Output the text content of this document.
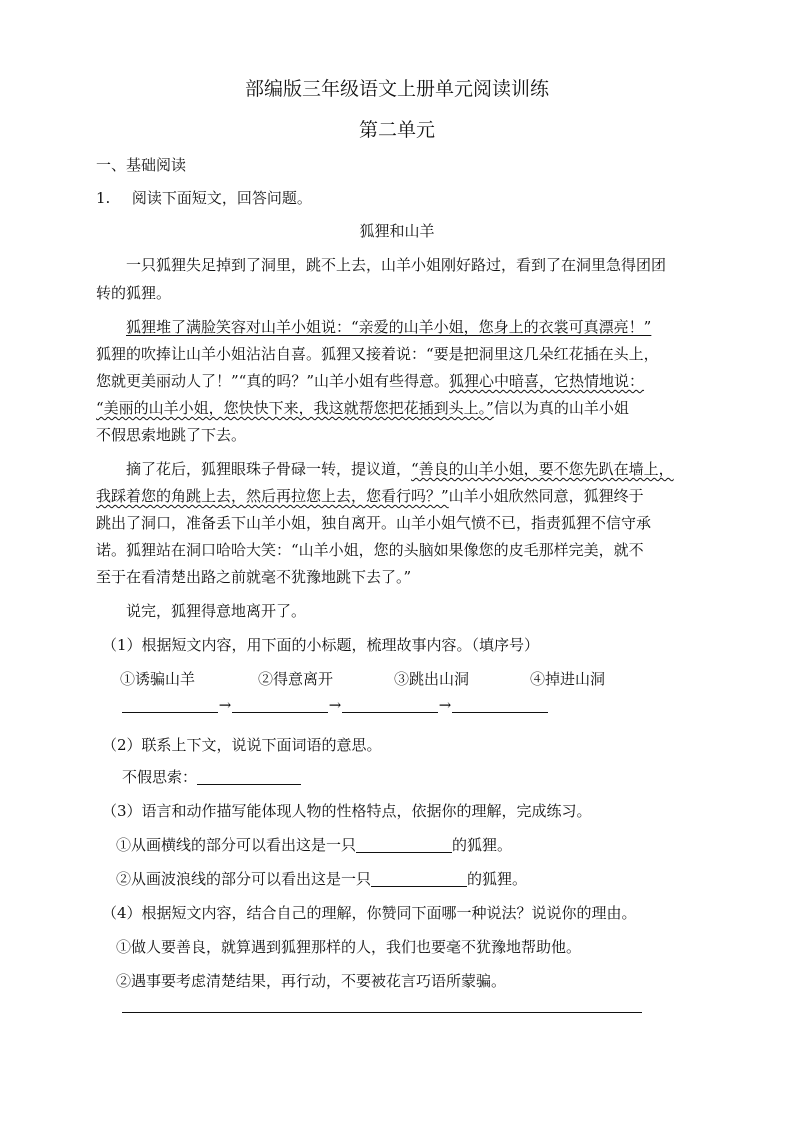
部编版三年级语文上册单元阅读训练
第二单元
一、基础阅读
1. 阅读下面短文，回答问题。
狐狸和山羊
一只狐狸失足掉到了洞里，跳不上去，山羊小姐刚好路过，看到了在洞里急得团团
转的狐狸。
狐狸堆了满脸笑容对山羊小姐说：“亲爱的山羊小姐，您身上的衣裳可真漂亮！”
狐狸的吹捧让山羊小姐沾沾自喜。狐狸又接着说：“要是把洞里这几朵红花插在头上，
您就更美丽动人了！”“真的吗？”山羊小姐有些得意。狐狸心中暗喜，它热情地说：
“美丽的山羊小姐，您快快下来，我这就帮您把花插到头上。”信以为真的山羊小姐
不假思索地跳了下去。
摘了花后，狐狸眼珠子骨碌一转，提议道，“善良的山羊小姐，要不您先趴在墙上，
我踩着您的角跳上去，然后再拉您上去，您看行吗？”山羊小姐欣然同意，狐狸终于
跳出了洞口，准备丢下山羊小姐，独自离开。山羊小姐气愤不已，指责狐狸不信守承
诺。狐狸站在洞口哈哈大笑：“山羊小姐，您的头脑如果像您的皮毛那样完美，就不
至于在看清楚出路之前就毫不犹豫地跳下去了。”
说完，狐狸得意地离开了。
（1）根据短文内容，用下面的小标题，梳理故事内容。（填序号）
①诱骗山羊	②得意离开	③跳出山洞	④掉进山洞
→	→	→
（2）联系上下文，说说下面词语的意思。
不假思索：
（3）语言和动作描写能体现人物的性格特点，依据你的理解，完成练习。
①从画横线的部分可以看出这是一只	的狐狸。
②从画波浪线的部分可以看出这是一只	的狐狸。
（4）根据短文内容，结合自己的理解，你赞同下面哪一种说法？说说你的理由。
①做人要善良，就算遇到狐狸那样的人，我们也要毫不犹豫地帮助他。
②遇事要考虑清楚结果，再行动，不要被花言巧语所蒙骗。
